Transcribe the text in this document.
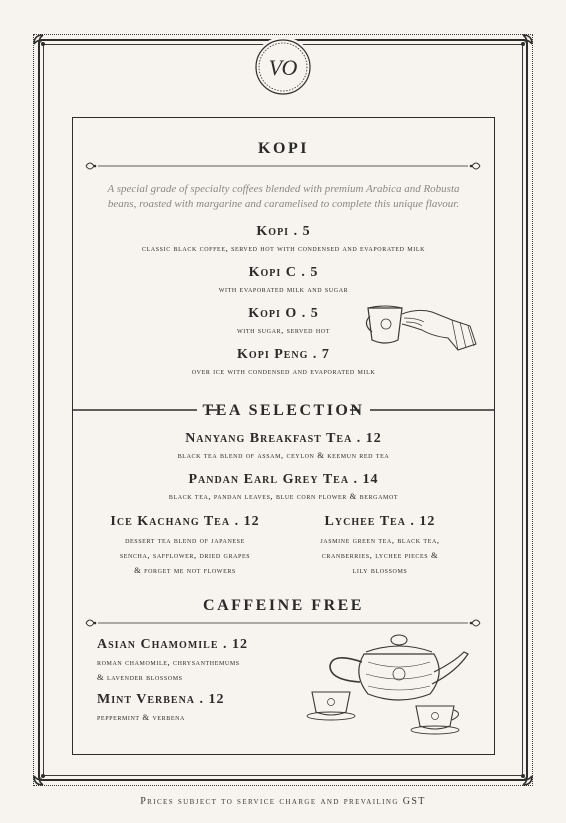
VO
KOPI
A special grade of specialty coffees blended with premium Arabica and Robusta
beans, roasted with margarine and caramelised to complete this unique flavour.
Kopi . 5
classic black coffee, served hot with condensed and evaporated milk
Kopi C . 5
with evaporated milk and sugar
Kopi O . 5
with sugar, served hot
Kopi Peng . 7
over ice with condensed and evaporated milk
TEA SELECTION
Nanyang Breakfast Tea . 12
black tea blend of assam, ceylon & keemun red tea
Pandan Earl Grey Tea . 14
black tea, pandan leaves, blue corn flower & bergamot
Ice Kachang Tea . 12
dessert tea blend of japanese
sencha, safflower, dried grapes
& forget me not flowers
Lychee Tea . 12
jasmine green tea, black tea,
cranberries, lychee pieces &
lily blossoms
CAFFEINE FREE
Asian Chamomile . 12
roman chamomile, chrysanthemums
& lavender blossoms
Mint Verbena . 12
peppermint & verbena
Prices subject to service charge and prevailing GST
